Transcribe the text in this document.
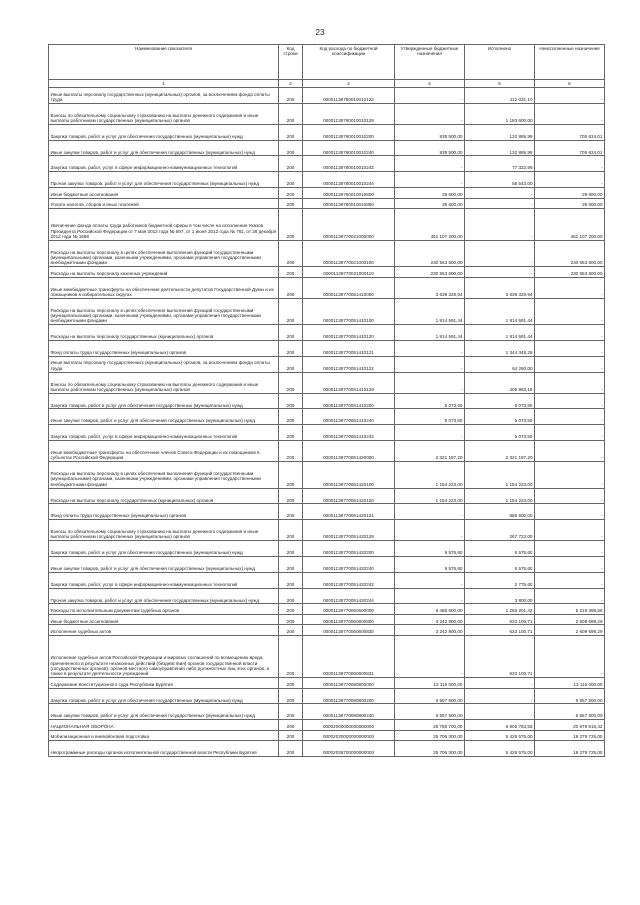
23
Наименование показателя	Код строки	Код расхода по бюджетной классификации	Утвержденные бюджетные назначения	Исполнено	Неисполненные назначения
1	2	3	4	5	6
Иные выплаты персоналу государственных (муниципальных) органов, за исключением фонда оплаты труда	200	00001138760010010122	-	112 031,10	-
Взносы по обязательному социальному страхованию на выплаты денежного содержания и иные выплаты работникам государственных (муниципальных) органов	200	00001138760010010129	-	1 183 600,00	-
Закупка товаров, работ и услуг для обеспечения государственных (муниципальных) нужд	200	00001138760010010200	838 500,00	132 865,99	705 634,01
Иные закупки товаров, работ и услуг для обеспечения государственных (муниципальных) нужд	200	00001138760010010240	838 500,00	132 865,99	705 634,01
Закупка товаров, работ, услуг в сфере информационно-коммуникационных технологий	200	00001138760010010242	-	77 322,99	-
Прочая закупка товаров, работ и услуг для обеспечения государственных (муниципальных) нужд	200	00001138760010010244	-	55 543,00	-
Иные бюджетные ассигнования	200	00001138760010010800	29 600,00	-	29 600,00
Уплата налогов, сборов и иных платежей	200	00001138760010010850	29 600,00	-	29 600,00
Увеличение фонда оплаты труда работников бюджетной сферы в том числе на исполнение Указов Президента Российской Федерации от 7 мая 2012 года № 597, от 1 июня 2012 года № 761, от 28 декабря 2012 года № 1688	200	00001138770021000000	461 107 200,00	-	461 107 200,00
Расходы на выплаты персоналу в целях обеспечения выполнения функций государственными (муниципальными) органами, казенными учреждениями, органами управления государственными внебюджетными фондами	200	00001138770021000100	230 553 600,00	-	230 553 600,00
Расходы на выплаты персоналу казенных учреждений	200	00001138770021000110	230 553 600,00	-	230 553 600,00
Иные межбюджетные трансферты на обеспечение деятельности депутатов Государственной Думы и их помощников в избирательных округах	200	00001138770051410000	3 639 329,94	3 639 329,94	-
Расходы на выплаты персоналу в целях обеспечения выполнения функций государственными (муниципальными) органами, казенными учреждениями, органами управления государственными внебюджетными фондами	200	00001138770051410100	1 814 591,44	1 814 591,44	-
Расходы на выплаты персоналу государственных (муниципальных) органов	200	00001138770051410120	1 814 591,44	1 814 591,44	-
Фонд оплаты труда государственных (муниципальных) органов	200	00001138770051410121	-	1 344 348,28	-
Иные выплаты персоналу государственных (муниципальных) органов, за исключением фонда оплаты труда	200	00001138770051410122	-	64 260,00	-
Взносы по обязательному социальному страхованию на выплаты денежного содержания и иные выплаты работникам государственных (муниципальных) органов	200	00001138770051410129	-	405 983,16	-
Закупка товаров, работ и услуг для обеспечения государственных (муниципальных) нужд	200	00001138770051410200	5 073,50	5 073,50	-
Иные закупки товаров, работ и услуг для обеспечения государственных (муниципальных) нужд	200	00001138770051410240	5 073,50	5 073,50	-
Закупка товаров, работ, услуг в сфере информационно-коммуникационных технологий	200	00001138770051410242	-	5 073,50	-
Иные межбюджетные трансферты на обеспечение членов Совета Федерации и их помощников в субъектах Российской Федерации	200	00001138770051420000	2 321 197,20	2 321 197,20	-
Расходы на выплаты персоналу в целях обеспечения выполнения функций государственными (муниципальными) органами, казенными учреждениями, органами управления государственными внебюджетными фондами	200	00001138770051420100	1 154 223,00	1 154 223,00	-
Расходы на выплаты персоналу государственных (муниципальных) органов	200	00001138770051420120	1 154 223,00	1 154 223,00	-
Фонд оплаты труда государственных (муниципальных) органов	200	00001138770051420121	-	886 500,00	-
Взносы по обязательному социальному страхованию на выплаты денежного содержания и иные выплаты работникам государственных (муниципальных) органов	200	00001138770051420129	-	267 723,00	-
Закупка товаров, работ и услуг для обеспечения государственных (муниципальных) нужд	200	00001138770051420200	6 575,60	6 575,60	-
Иные закупки товаров, работ и услуг для обеспечения государственных (муниципальных) нужд	200	00001138770051420240	6 575,60	6 575,60	-
Закупка товаров, работ, услуг в сфере информационно-коммуникационных технологий	200	00001138770051420242	-	2 775,60	-
Прочая закупка товаров, работ и услуг для обеспечения государственных (муниципальных) нужд	200	00001138770051420244	-	3 800,00	-
Расходы по исполнительным документам судебных органов	200	00001138770060600000	6 485 600,00	1 266 201,42	5 219 398,58
Иные бюджетные ассигнования	200	00001138770060600800	3 242 800,00	633 100,71	2 609 699,29
Исполнение судебных актов	200	00001138770060600830	3 242 800,00	633 100,71	2 609 699,29
Исполнение судебных актов Российской Федерации и мировых соглашений по возмещению вреда, причиненного в результате незаконных действий (бездействия) органов государственной власти (государственных органов), органов местного самоуправления либо должностных лиц этих органов, а также в результате деятельности учреждений	200	00001138770060600831	-	633 100,71	-
Содержание Конституционного суда Республики Бурятия	200	00001138770080800000	13 115 000,00	-	13 115 000,00
Закупка товаров, работ и услуг для обеспечения государственных (муниципальных) нужд	200	00001138770080800200	6 557 500,00	-	6 557 500,00
Иные закупки товаров, работ и услуг для обеспечения государственных (муниципальных) нужд	200	00001138770080800240	6 557 500,00	-	6 557 500,00
НАЦИОНАЛЬНАЯ ОБОРОНА	200	00002000000000000000	25 785 700,00	6 806 783,58	20 978 916,42
Мобилизационная и вневойсковая подготовка	200	00002030000000000000	25 706 300,00	6 426 575,00	19 279 725,00
Непрограммные расходы органов исполнительной государственной власти Республики Бурятия	200	00002038700000000000	25 706 300,00	6 426 575,00	19 279 725,00
